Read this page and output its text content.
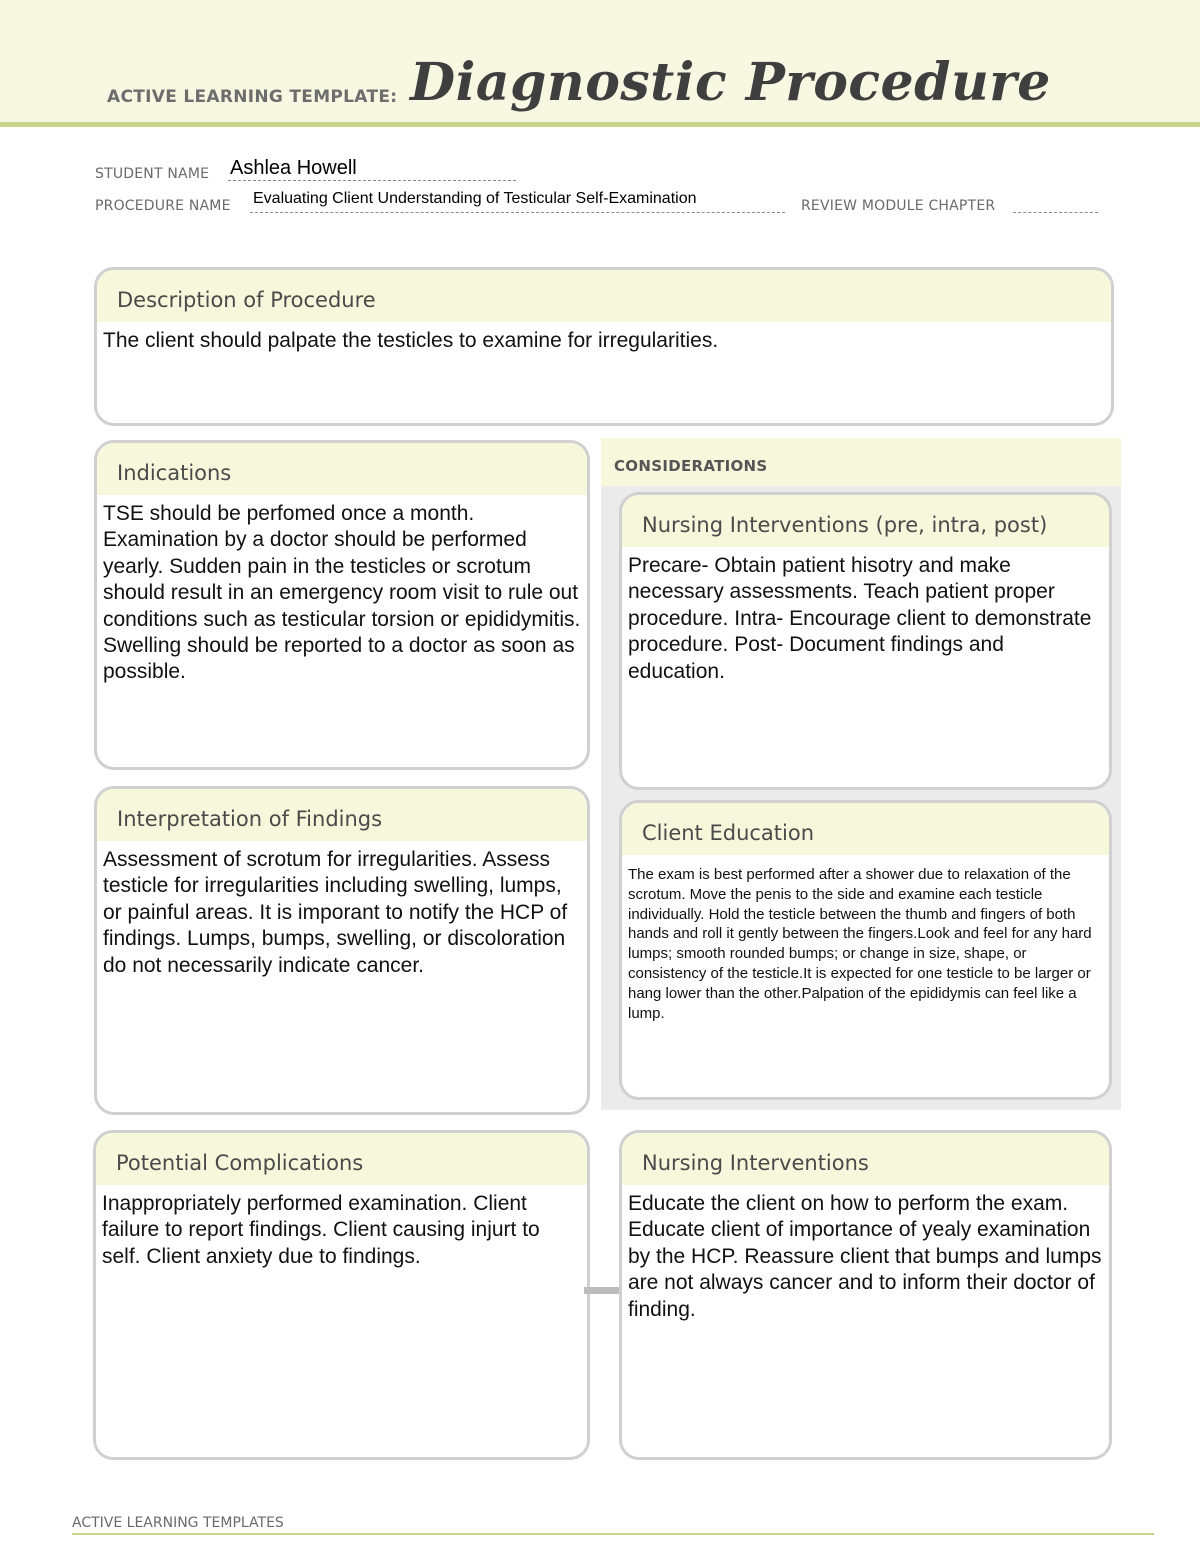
ACTIVE LEARNING TEMPLATE: Diagnostic Procedure
STUDENT NAME Ashlea Howell
PROCEDURE NAME Evaluating Client Understanding of Testicular Self-Examination	REVIEW MODULE CHAPTER
Description of Procedure
The client should palpate the testicles to examine for irregularities.
CONSIDERATIONS
Indications
TSE should be perfomed once a month. Examination by a doctor should be performed yearly. Sudden pain in the testicles or scrotum should result in an emergency room visit to rule out conditions such as testicular torsion or epididymitis. Swelling should be reported to a doctor as soon as possible.
Nursing Interventions (pre, intra, post)
Precare- Obtain patient hisotry and make necessary assessments. Teach patient proper procedure. Intra- Encourage client to demonstrate procedure. Post- Document findings and education.
Interpretation of Findings
Assessment of scrotum for irregularities. Assess testicle for irregularities including swelling, lumps, or painful areas. It is imporant to notify the HCP of findings. Lumps, bumps, swelling, or discoloration do not necessarily indicate cancer.
Client Education
The exam is best performed after a shower due to relaxation of the scrotum. Move the penis to the side and examine each testicle individually. Hold the testicle between the thumb and fingers of both hands and roll it gently between the fingers.Look and feel for any hard lumps; smooth rounded bumps; or change in size, shape, or consistency of the testicle.It is expected for one testicle to be larger or hang lower than the other.Palpation of the epididymis can feel like a lump.
Potential Complications
Inappropriately performed examination. Client failure to report findings. Client causing injurt to self. Client anxiety due to findings.
Nursing Interventions
Educate the client on how to perform the exam. Educate client of importance of yealy examination by the HCP. Reassure client that bumps and lumps are not always cancer and to inform their doctor of finding.
ACTIVE LEARNING TEMPLATES
